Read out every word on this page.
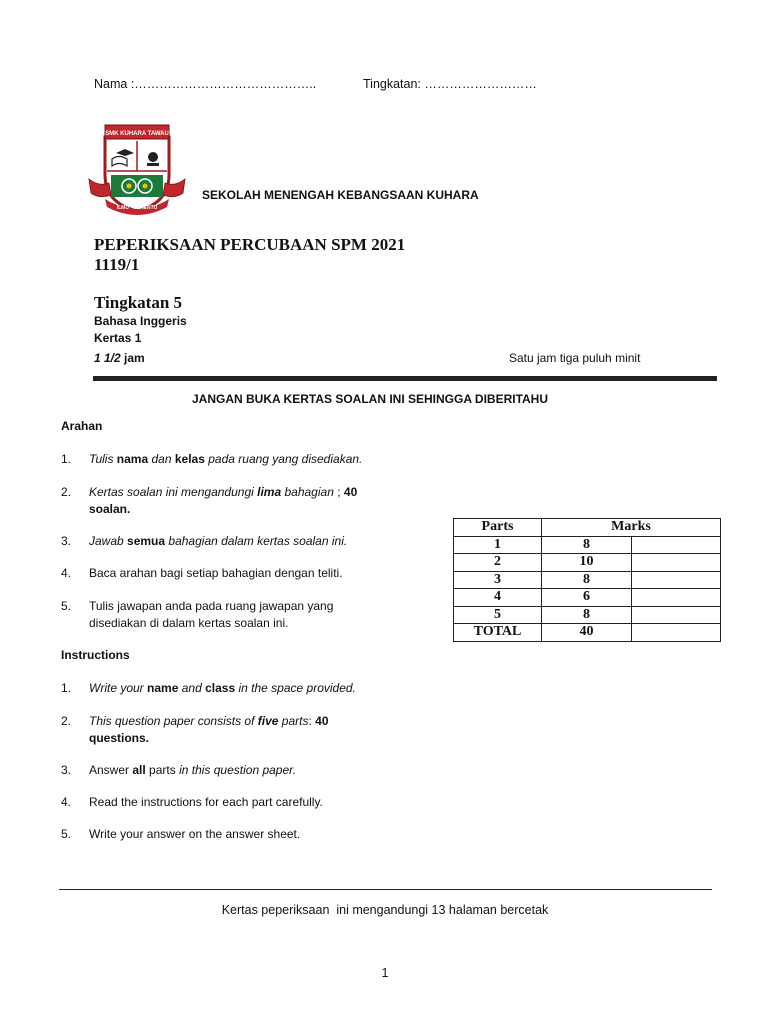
Nama :……………………………………..	Tingkatan: ………………………
SMK KUHARA TAWAU
ILMU · PENENTU
SEKOLAH MENENGAH KEBANGSAAN KUHARA
PEPERIKSAAN PERCUBAAN SPM 2021
1119/1
Tingkatan 5
Bahasa Inggeris
Kertas 1
1 1/2 jam	Satu jam tiga puluh minit
JANGAN BUKA KERTAS SOALAN INI SEHINGGA DIBERITAHU
Arahan
1. Tulis nama dan kelas pada ruang yang disediakan.
2. Kertas soalan ini mengandungi lima bahagian ; 40
soalan.
3. Jawab semua bahagian dalam kertas soalan ini.
4. Baca arahan bagi setiap bahagian dengan teliti.
5. Tulis jawapan anda pada ruang jawapan yang
disediakan di dalam kertas soalan ini.
Parts	Marks	
1	8	
2	10	
3	8	
4	6	
5	8	
TOTAL	40	
Instructions
1. Write your name and class in the space provided.
2. This question paper consists of five parts: 40
questions.
3. Answer all parts in this question paper.
4. Read the instructions for each part carefully.
5. Write your answer on the answer sheet.
Kertas peperiksaan  ini mengandungi 13 halaman bercetak
1
